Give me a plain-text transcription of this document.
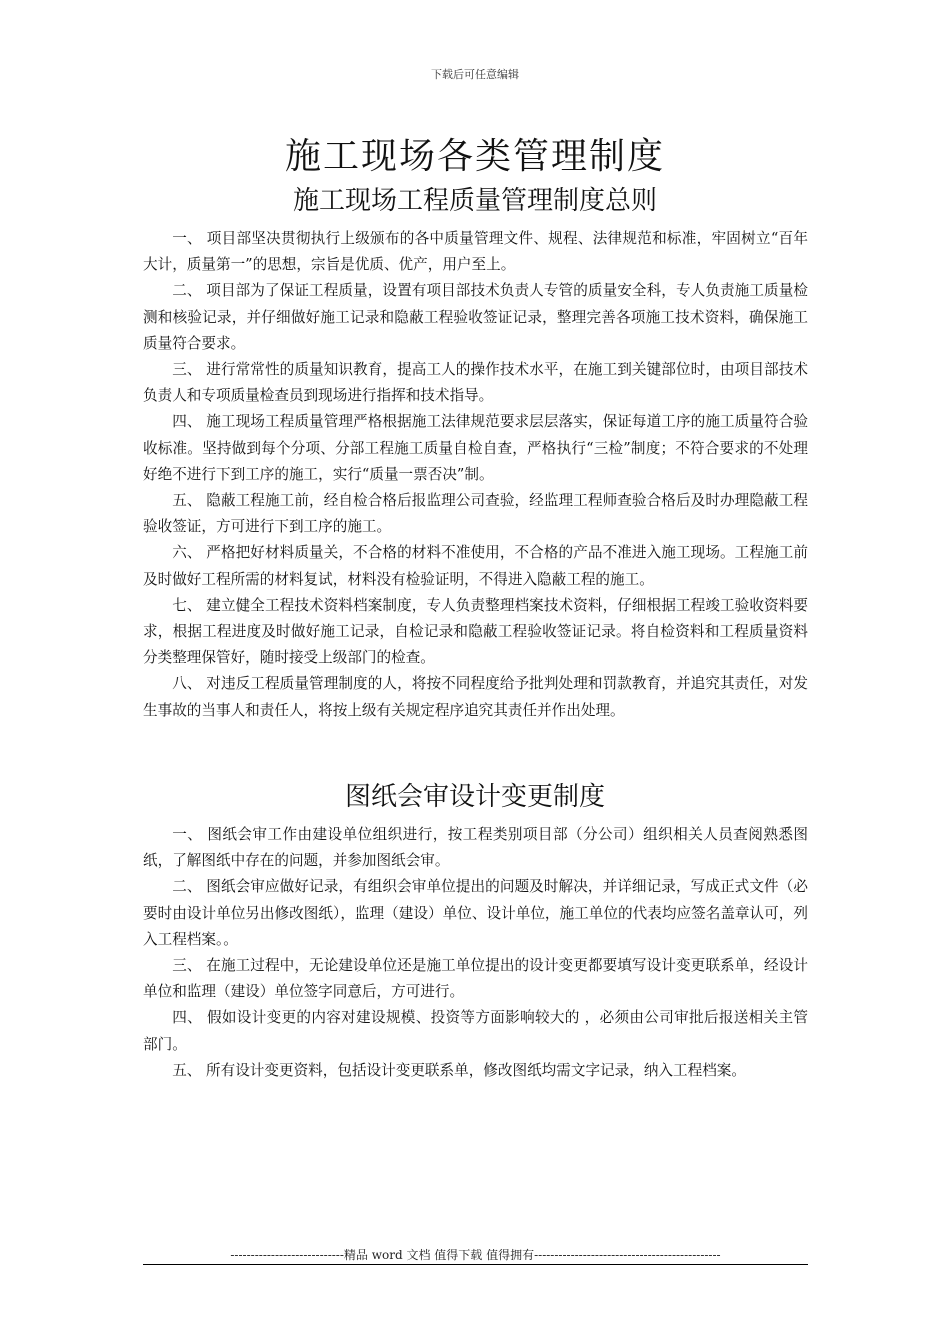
下载后可任意编辑
施工现场各类管理制度
施工现场工程质量管理制度总则

一、 项目部坚决贯彻执行上级颁布的各中质量管理文件、规程、法律规范和标准，牢固树立“百年大计，质量第一”的思想，宗旨是优质、优产，用户至上。

二、 项目部为了保证工程质量，设置有项目部技术负责人专管的质量安全科，专人负责施工质量检测和核验记录，并仔细做好施工记录和隐蔽工程验收签证记录，整理完善各项施工技术资料，确保施工质量符合要求。

三、 进行常常性的质量知识教育，提高工人的操作技术水平，在施工到关键部位时，由项目部技术负责人和专项质量检查员到现场进行指挥和技术指导。

四、 施工现场工程质量管理严格根据施工法律规范要求层层落实，保证每道工序的施工质量符合验收标准。坚持做到每个分项、分部工程施工质量自检自查，严格执行“三检”制度；不符合要求的不处理好绝不进行下到工序的施工，实行“质量一票否决”制。

五、 隐蔽工程施工前，经自检合格后报监理公司查验，经监理工程师查验合格后及时办理隐蔽工程验收签证，方可进行下到工序的施工。

六、 严格把好材料质量关，不合格的材料不准使用，不合格的产品不准进入施工现场。工程施工前及时做好工程所需的材料复试，材料没有检验证明，不得进入隐蔽工程的施工。

七、 建立健全工程技术资料档案制度，专人负责整理档案技术资料，仔细根据工程竣工验收资料要求，根据工程进度及时做好施工记录，自检记录和隐蔽工程验收签证记录。将自检资料和工程质量资料分类整理保管好，随时接受上级部门的检查。

八、 对违反工程质量管理制度的人，将按不同程度给予批判处理和罚款教育，并追究其责任，对发生事故的当事人和责任人，将按上级有关规定程序追究其责任并作出处理。

图纸会审设计变更制度

一、 图纸会审工作由建设单位组织进行，按工程类别项目部（分公司）组织相关人员查阅熟悉图纸，了解图纸中存在的问题，并参加图纸会审。

二、 图纸会审应做好记录，有组织会审单位提出的问题及时解决，并详细记录，写成正式文件（必要时由设计单位另出修改图纸），监理（建设）单位、设计单位，施工单位的代表均应签名盖章认可，列入工程档案。。

三、 在施工过程中，无论建设单位还是施工单位提出的设计变更都要填写设计变更联系单，经设计单位和监理（建设）单位签字同意后，方可进行。

四、 假如设计变更的内容对建设规模、投资等方面影响较大的 ，必须由公司审批后报送相关主管部门。

五、 所有设计变更资料，包括设计变更联系单，修改图纸均需文字记录，纳入工程档案。

----------------------------精品 word 文档 值得下载 值得拥有----------------------------------------------
